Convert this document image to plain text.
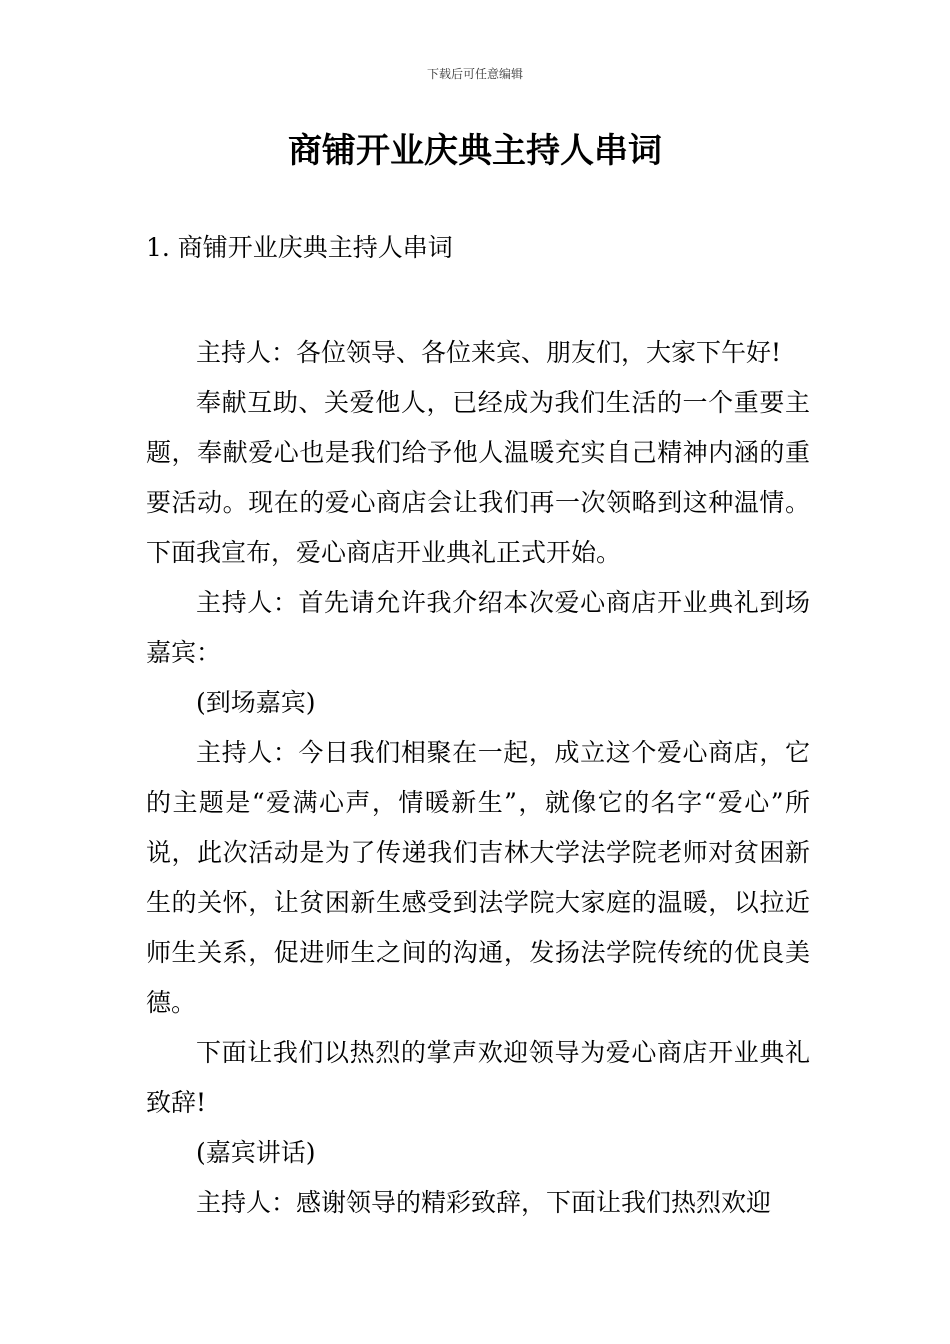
下载后可任意编辑
商铺开业庆典主持人串词
1. 商铺开业庆典主持人串词

主持人：各位领导、各位来宾、朋友们，大家下午好!

奉献互助、关爱他人，已经成为我们生活的一个重要主题，奉献爱心也是我们给予他人温暖充实自己精神内涵的重要活动。现在的爱心商店会让我们再一次领略到这种温情。下面我宣布，爱心商店开业典礼正式开始。

主持人：首先请允许我介绍本次爱心商店开业典礼到场嘉宾：

(到场嘉宾)

主持人：今日我们相聚在一起，成立这个爱心商店，它的主题是“爱满心声，情暖新生”，就像它的名字“爱心”所说，此次活动是为了传递我们吉林大学法学院老师对贫困新生的关怀，让贫困新生感受到法学院大家庭的温暖，以拉近师生关系，促进师生之间的沟通，发扬法学院传统的优良美德。

下面让我们以热烈的掌声欢迎领导为爱心商店开业典礼致辞!

(嘉宾讲话)

主持人：感谢领导的精彩致辞，下面让我们热烈欢迎
